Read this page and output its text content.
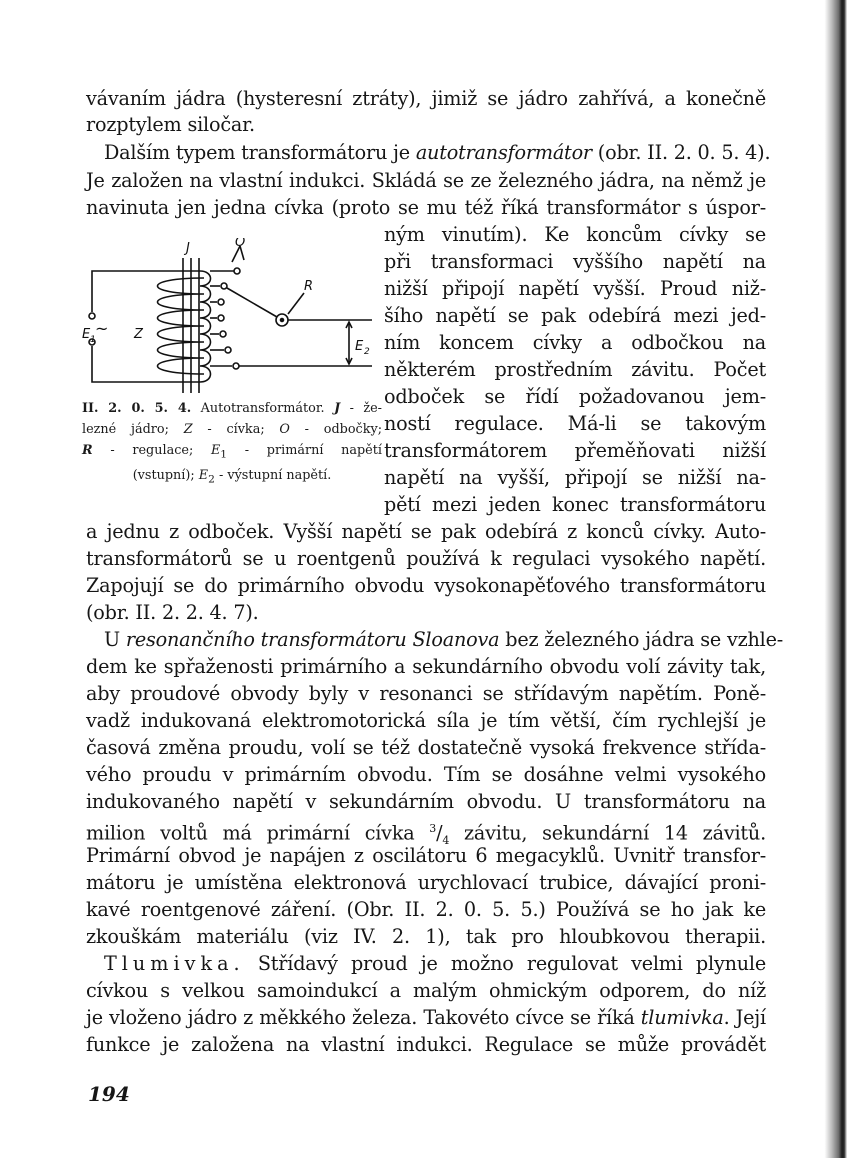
vávaním jádra (hysteresní ztráty), jimiž se jádro zahřívá, a konečně
rozptylem siločar.
Dalším typem transformátoru je autotransformátor (obr. II. 2. 0. 5. 4).
Je založen na vlastní indukci. Skládá se ze železného jádra, na němž je
navinuta jen jedna cívka (proto se mu též říká transformátor s úspor-
ným vinutím). Ke koncům cívky se
při transformaci vyššího napětí na
nižší připojí napětí vyšší. Proud niž-
šího napětí se pak odebírá mezi jed-
ním koncem cívky a odbočkou na
některém prostředním závitu. Počet
odboček se řídí požadovanou jem-
ností regulace. Má-li se takovým
transformátorem přeměňovati nižší
napětí na vyšší, připojí se nižší na-
pětí mezi jeden konec transformátoru
J	O
R
E 1
~ Z
E 2
II. 2. 0. 5. 4. Autotransformátor. J - že-
lezné jádro; Z - cívka; O - odbočky;
R - regulace; $E_1$ - primární napětí
(vstupní); $E_2$ - výstupní napětí.
a jednu z odboček. Vyšší napětí se pak odebírá z konců cívky. Auto-
transformátorů se u roentgenů používá k regulaci vysokého napětí.
Zapojují se do primárního obvodu vysokonapěťového transformátoru
(obr. II. 2. 2. 4. 7).
U resonančního transformátoru Sloanova bez železného jádra se vzhle-
dem ke spřaženosti primárního a sekundárního obvodu volí závity tak,
aby proudové obvody byly v resonanci se střídavým napětím. Poně-
vadž indukovaná elektromotorická síla je tím větší, čím rychlejší je
časová změna proudu, volí se též dostatečně vysoká frekvence střída-
vého proudu v primárním obvodu. Tím se dosáhne velmi vysokého
indukovaného napětí v sekundárním obvodu. U transformátoru na
milion voltů má primární cívka $^3/_4$ závitu, sekundární 14 závitů.
Primární obvod je napájen z oscilátoru 6 megacyklů. Uvnitř transfor-
mátoru je umístěna elektronová urychlovací trubice, dávající proni-
kavé roentgenové záření. (Obr. II. 2. 0. 5. 5.) Používá se ho jak ke
zkouškám materiálu (viz IV. 2. 1), tak pro hloubkovou therapii.
Tlumivka. Střídavý proud je možno regulovat velmi plynule
cívkou s velkou samoindukcí a malým ohmickým odporem, do níž
je vloženo jádro z měkkého železa. Takovéto cívce se říká tlumivka. Její
funkce je založena na vlastní indukci. Regulace se může provádět
194
